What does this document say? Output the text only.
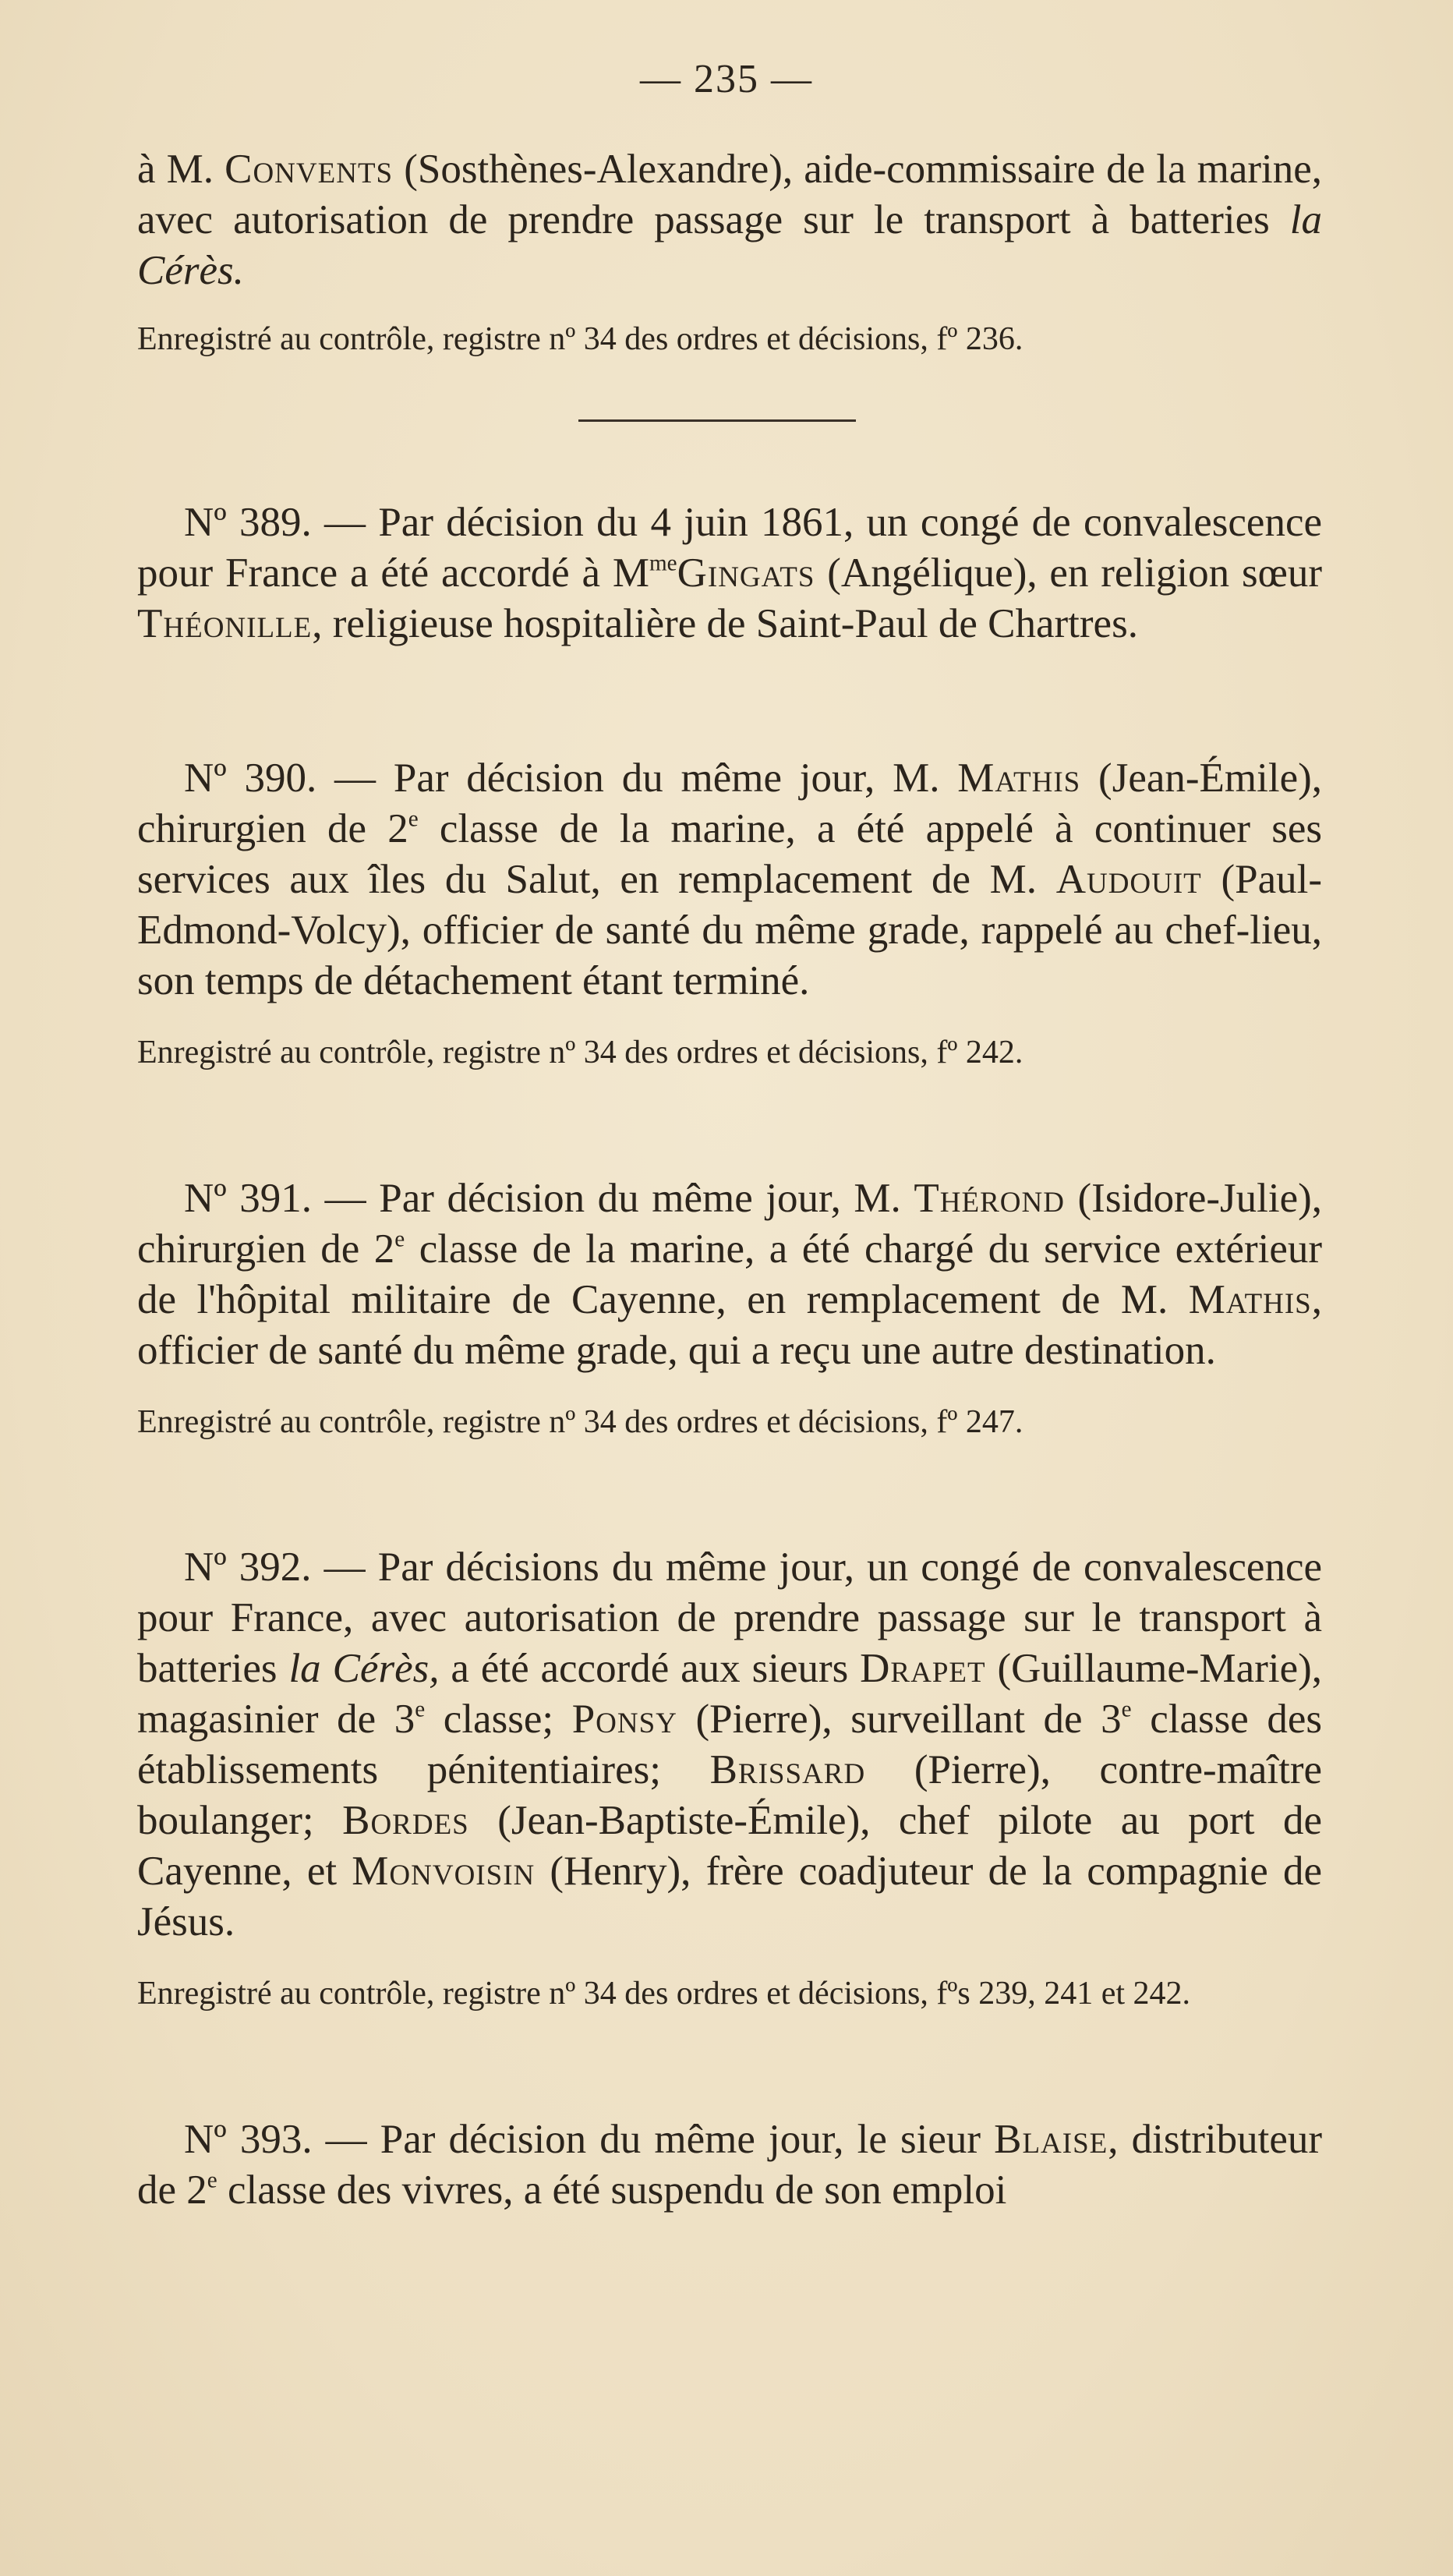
— 235 —

à M. Convents (Sosthènes-Alexandre), aide-commissaire de la marine, avec autorisation de prendre passage sur le transport à batteries la Cérès.

Enregistré au contrôle, registre nº 34 des ordres et décisions, fº 236.

Nº 389. — Par décision du 4 juin 1861, un congé de convalescence pour France a été accordé à $M^{me}Gingats$ (Angélique), en religion sœur Théonille, religieuse hospitalière de Saint-Paul de Chartres.

Nº 390. — Par décision du même jour, M. Mathis (Jean-Émile), chirurgien de 2e classe de la marine, a été appelé à continuer ses services aux îles du Salut, en remplacement de M. Audouit (Paul-Edmond-Volcy), officier de santé du même grade, rappelé au chef-lieu, son temps de détachement étant terminé.

Enregistré au contrôle, registre nº 34 des ordres et décisions, fº 242.

Nº 391. — Par décision du même jour, M. Thérond (Isidore-Julie), chirurgien de 2e classe de la marine, a été chargé du service extérieur de l'hôpital militaire de Cayenne, en remplacement de M. Mathis, officier de santé du même grade, qui a reçu une autre destination.

Enregistré au contrôle, registre nº 34 des ordres et décisions, fº 247.

Nº 392. — Par décisions du même jour, un congé de convalescence pour France, avec autorisation de prendre passage sur le transport à batteries la Cérès, a été accordé aux sieurs Drapet (Guillaume-Marie), magasinier de 3e classe; Ponsy (Pierre), surveillant de 3e classe des établissements pénitentiaires; Brissard (Pierre), contre-maître boulanger; Bordes (Jean-Baptiste-Émile), chef pilote au port de Cayenne, et Monvoisin (Henry), frère coadjuteur de la compagnie de Jésus.

Enregistré au contrôle, registre nº 34 des ordres et décisions, fºs 239, 241 et 242.

Nº 393. — Par décision du même jour, le sieur Blaise, distributeur de 2e classe des vivres, a été suspendu de son emploi
